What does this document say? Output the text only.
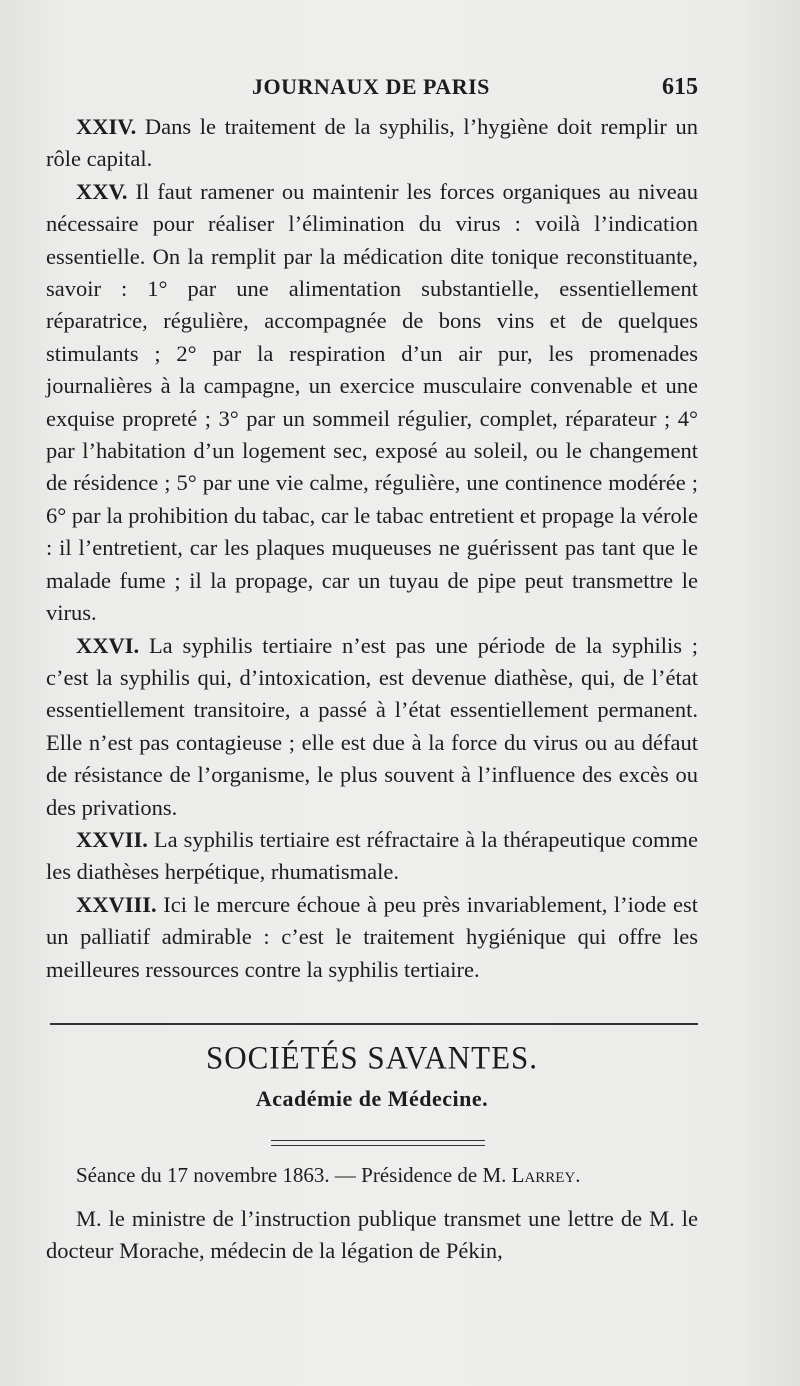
JOURNAUX DE PARIS	615

XXIV. Dans le traitement de la syphilis, l’hygiène doit remplir un rôle capital.

XXV. Il faut ramener ou maintenir les forces organiques au niveau nécessaire pour réaliser l’élimination du virus : voilà l’indication essentielle. On la remplit par la médication dite tonique reconstituante, savoir : 1° par une alimentation substantielle, essentiellement réparatrice, régulière, accompagnée de bons vins et de quelques stimulants ; 2° par la respiration d’un air pur, les promenades journalières à la campagne, un exercice musculaire convenable et une exquise propreté ; 3° par un sommeil régulier, complet, réparateur ; 4° par l’habitation d’un logement sec, exposé au soleil, ou le changement de résidence ; 5° par une vie calme, régulière, une continence modérée ; 6° par la prohibition du tabac, car le tabac entretient et propage la vérole : il l’entretient, car les plaques muqueuses ne guérissent pas tant que le malade fume ; il la propage, car un tuyau de pipe peut transmettre le virus.

XXVI. La syphilis tertiaire n’est pas une période de la syphilis ; c’est la syphilis qui, d’intoxication, est devenue diathèse, qui, de l’état essentiellement transitoire, a passé à l’état essentiellement permanent. Elle n’est pas contagieuse ; elle est due à la force du virus ou au défaut de résistance de l’organisme, le plus souvent à l’influence des excès ou des privations.

XXVII. La syphilis tertiaire est réfractaire à la thérapeutique comme les diathèses herpétique, rhumatismale.

XXVIII. Ici le mercure échoue à peu près invariablement, l’iode est un palliatif admirable : c’est le traitement hygiénique qui offre les meilleures ressources contre la syphilis tertiaire.

SOCIÉTÉS SAVANTES.
Académie de Médecine.
Séance du 17 novembre 1863. — Présidence de M. Larrey.

M. le ministre de l’instruction publique transmet une lettre de M. le docteur Morache, médecin de la légation de Pékin,
